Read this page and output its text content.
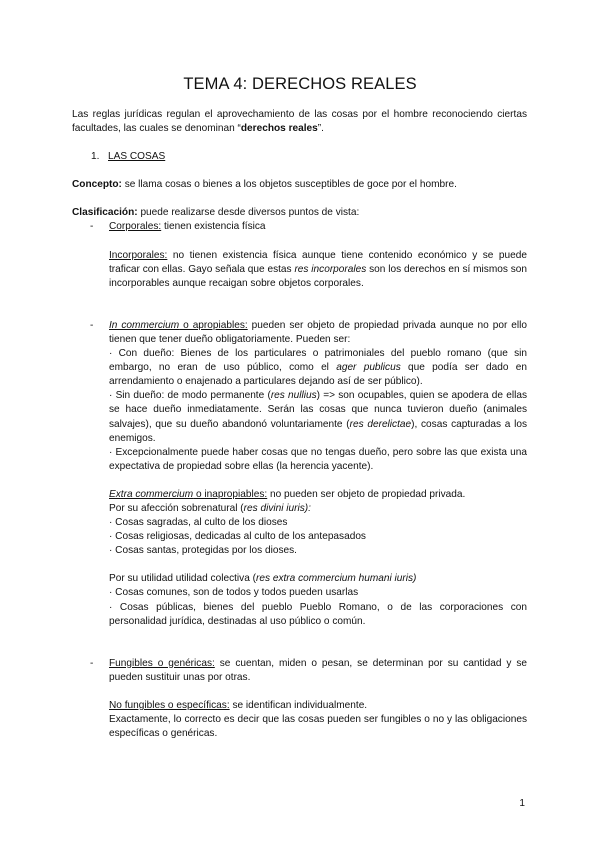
TEMA 4: DERECHOS REALES

Las reglas jurídicas regulan el aprovechamiento de las cosas por el hombre reconociendo ciertas facultades, las cuales se denominan “derechos reales”.

1. LAS COSAS

Concepto: se llama cosas o bienes a los objetos susceptibles de goce por el hombre.

Clasificación: puede realizarse desde diversos puntos de vista:

- Corporales: tienen existencia física

Incorporales: no tienen existencia física aunque tiene contenido económico y se puede traficar con ellas. Gayo señala que estas res incorporales son los derechos en sí mismos son incorporables aunque recaigan sobre objetos corporales.

- In commercium o apropiables: pueden ser objeto de propiedad privada aunque no por ello tienen que tener dueño obligatoriamente. Pueden ser:

· Con dueño: Bienes de los particulares o patrimoniales del pueblo romano (que sin embargo, no eran de uso público, como el ager publicus que podía ser dado en arrendamiento o enajenado a particulares dejando así de ser público).

· Sin dueño: de modo permanente (res nullius) => son ocupables, quien se apodera de ellas se hace dueño inmediatamente. Serán las cosas que nunca tuvieron dueño (animales salvajes), que su dueño abandonó voluntariamente (res derelictae), cosas capturadas a los enemigos.

· Excepcionalmente puede haber cosas que no tengas dueño, pero sobre las que exista una expectativa de propiedad sobre ellas (la herencia yacente).

Extra commercium o inapropiables: no pueden ser objeto de propiedad privada.

Por su afección sobrenatural (res divini iuris):

· Cosas sagradas, al culto de los dioses

· Cosas religiosas, dedicadas al culto de los antepasados

· Cosas santas, protegidas por los dioses.

Por su utilidad utilidad colectiva (res extra commercium humani iuris)

· Cosas comunes, son de todos y todos pueden usarlas

· Cosas públicas, bienes del pueblo Pueblo Romano, o de las corporaciones con personalidad jurídica, destinadas al uso público o común.

- Fungibles o genéricas: se cuentan, miden o pesan, se determinan por su cantidad y se pueden sustituir unas por otras.

No fungibles o específicas: se identifican individualmente.

Exactamente, lo correcto es decir que las cosas pueden ser fungibles o no y las obligaciones específicas o genéricas.

1
